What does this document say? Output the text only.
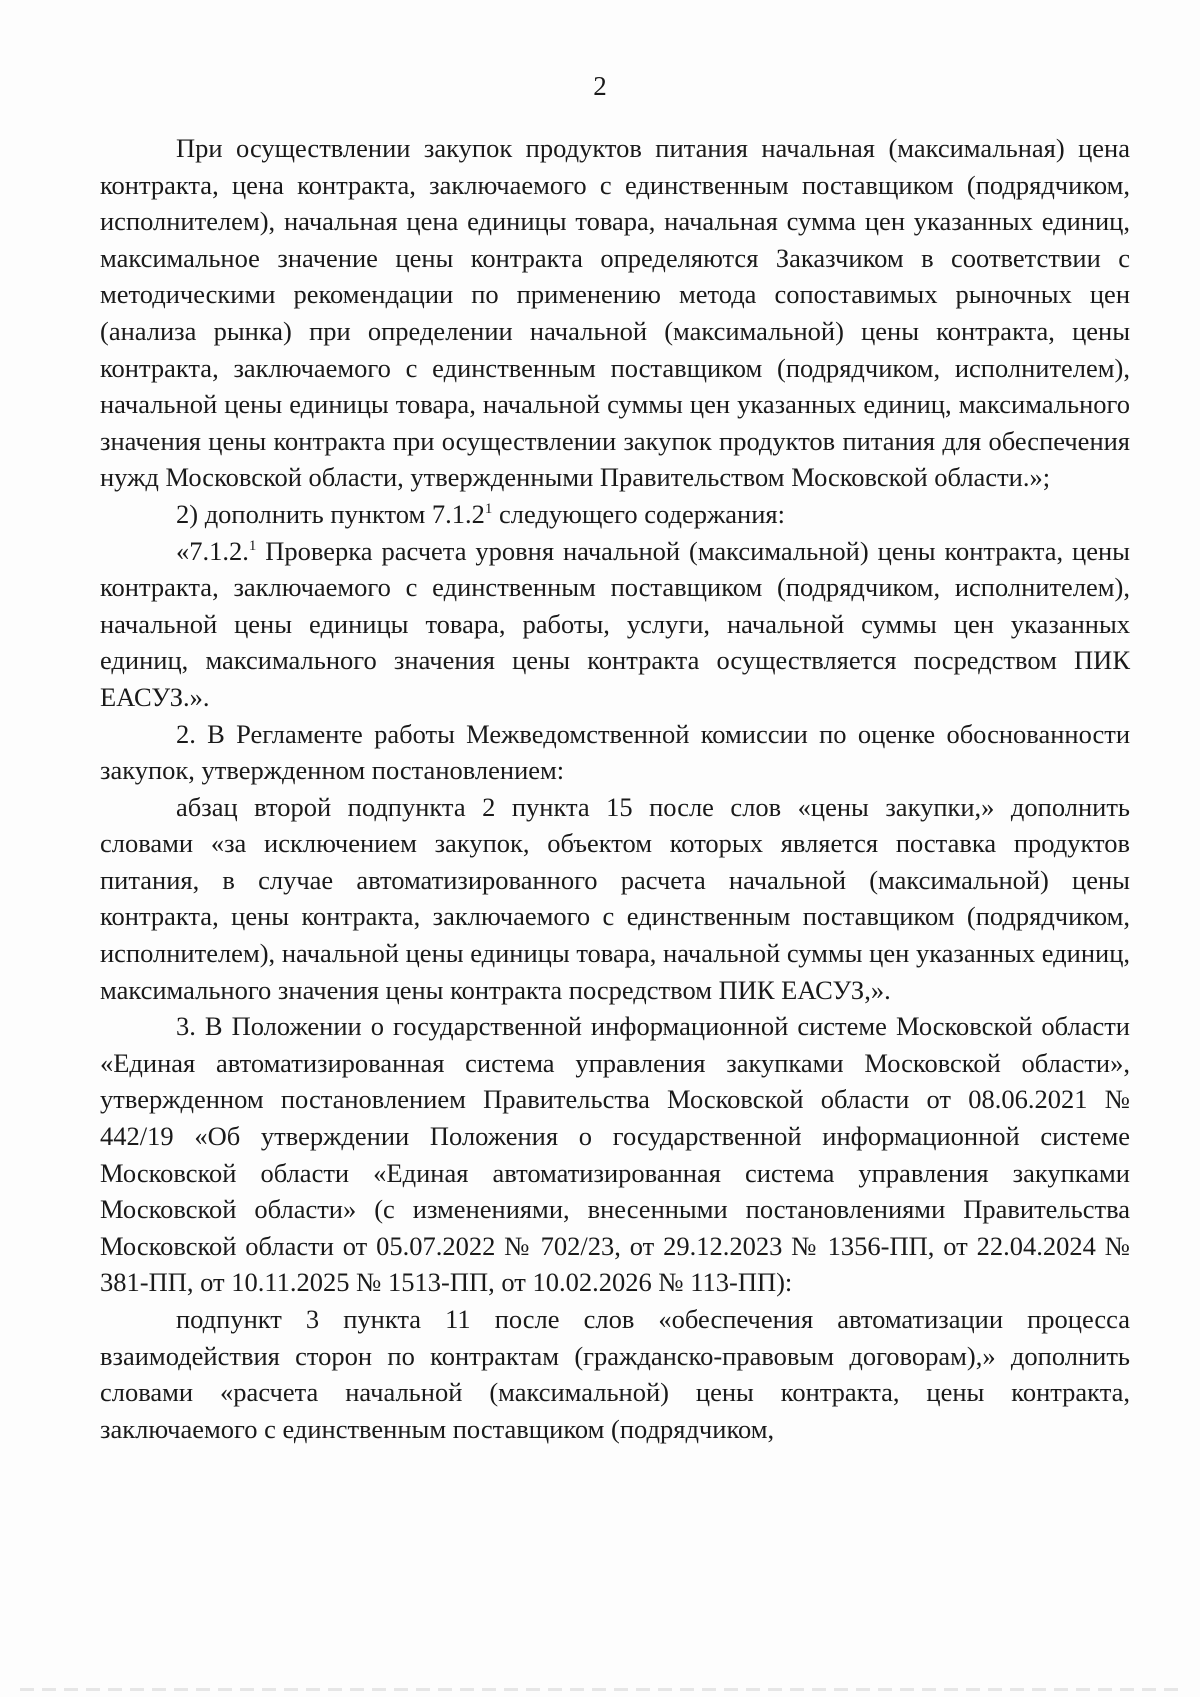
2

При осуществлении закупок продуктов питания начальная (максимальная) цена контракта, цена контракта, заключаемого с единственным поставщиком (подрядчиком, исполнителем), начальная цена единицы товара, начальная сумма цен указанных единиц, максимальное значение цены контракта определяются Заказчиком в соответствии с методическими рекомендации по применению метода сопоставимых рыночных цен (анализа рынка) при определении начальной (максимальной) цены контракта, цены контракта, заключаемого с единственным поставщиком (подрядчиком, исполнителем), начальной цены единицы товара, начальной суммы цен указанных единиц, максимального значения цены контракта при осуществлении закупок продуктов питания для обеспечения нужд Московской области, утвержденными Правительством Московской области.»;

2) дополнить пунктом 7.1.2$^1$ следующего содержания:

«7.1.2.$^1$ Проверка расчета уровня начальной (максимальной) цены контракта, цены контракта, заключаемого с единственным поставщиком (подрядчиком, исполнителем), начальной цены единицы товара, работы, услуги, начальной суммы цен указанных единиц, максимального значения цены контракта осуществляется посредством ПИК ЕАСУЗ.».

2. В Регламенте работы Межведомственной комиссии по оценке обоснованности закупок, утвержденном постановлением:

абзац второй подпункта 2 пункта 15 после слов «цены закупки,» дополнить словами «за исключением закупок, объектом которых является поставка продуктов питания, в случае автоматизированного расчета начальной (максимальной) цены контракта, цены контракта, заключаемого с единственным поставщиком (подрядчиком, исполнителем), начальной цены единицы товара, начальной суммы цен указанных единиц, максимального значения цены контракта посредством ПИК ЕАСУЗ,».

3. В Положении о государственной информационной системе Московской области «Единая автоматизированная система управления закупками Московской области», утвержденном постановлением Правительства Московской области от 08.06.2021 № 442/19 «Об утверждении Положения о государственной информационной системе Московской области «Единая автоматизированная система управления закупками Московской области» (с изменениями, внесенными постановлениями Правительства Московской области от 05.07.2022 № 702/23, от 29.12.2023 № 1356-ПП, от 22.04.2024 № 381-ПП, от 10.11.2025 № 1513-ПП, от 10.02.2026 № 113-ПП):

подпункт 3 пункта 11 после слов «обеспечения автоматизации процесса взаимодействия сторон по контрактам (гражданско-правовым договорам),» дополнить словами «расчета начальной (максимальной) цены контракта, цены контракта, заключаемого с единственным поставщиком (подрядчиком,
